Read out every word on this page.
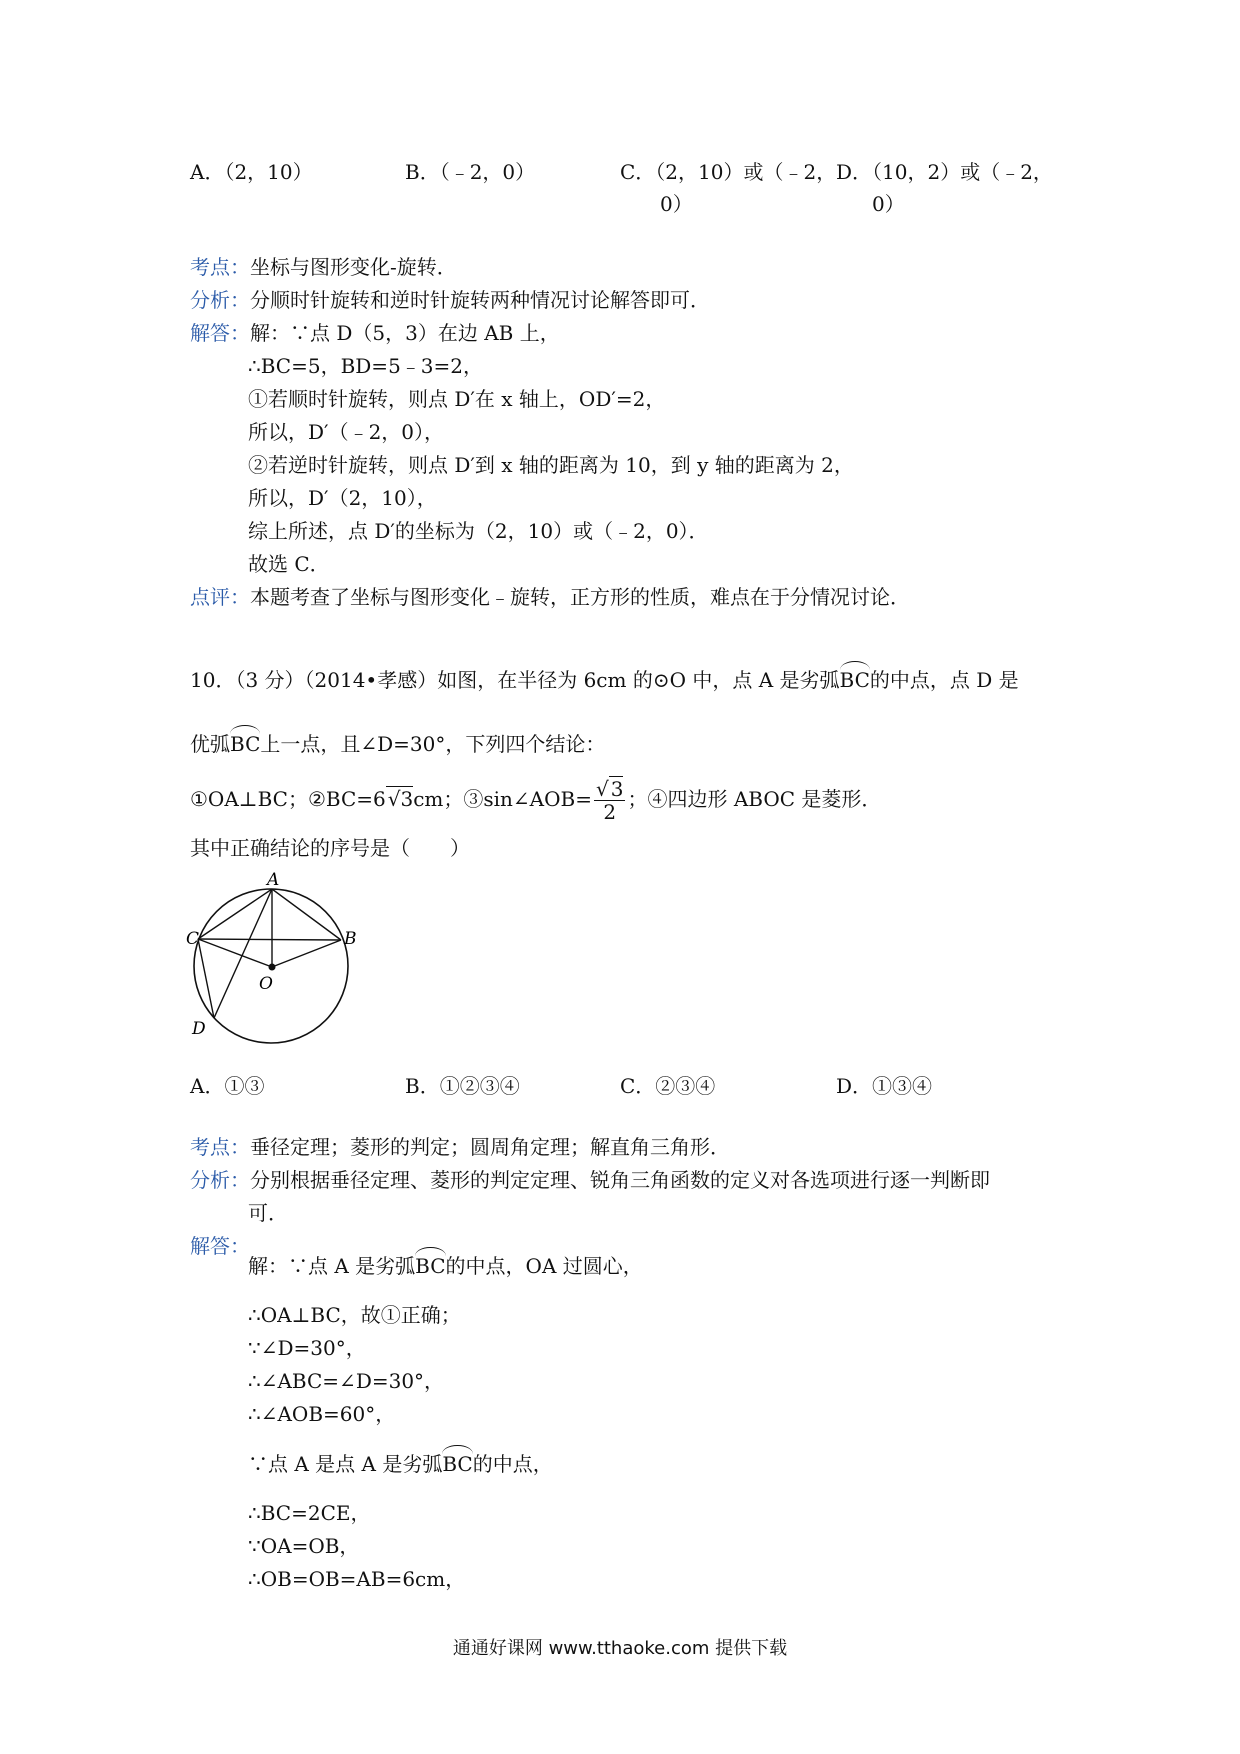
A．（2，10）	B．（﹣2，0）	C．（2，10）或（﹣2，
0）
D．（10，2）或（﹣2，
0）
考点：坐标与图形变化-旋转．
分析：分顺时针旋转和逆时针旋转两种情况讨论解答即可．
解答：解：∵点 D（5，3）在边 AB 上，
∴BC=5，BD=5﹣3=2，
①若顺时针旋转，则点 D′在 x 轴上，OD′=2，
所以，D′（﹣2，0），
②若逆时针旋转，则点 D′到 x 轴的距离为 10，到 y 轴的距离为 2，
所以，D′（2，10），
综上所述，点 D′的坐标为（2，10）或（﹣2，0）．
故选 C．
点评：本题考查了坐标与图形变化﹣旋转，正方形的性质，难点在于分情况讨论．
10．（3 分）（2014•孝感）如图，在半径为 6cm 的⊙O 中，点 A 是劣弧BC的中点，点 D 是
优弧BC上一点，且∠D=30°，下列四个结论：
①OA⊥BC；②BC=6 √3cm；③sin∠AOB= $\frac{√ 3}{2}$ ；④四边形 ABOC 是菱形．
其中正确结论的序号是（　　）
A
B
C
D
O
A．①③	B．①②③④	C．②③④	D．①③④
考点：垂径定理；菱形的判定；圆周角定理；解直角三角形．
分析：分别根据垂径定理、菱形的判定定理、锐角三角函数的定义对各选项进行逐一判断即
可．
解答：
解：∵点 A 是劣弧BC的中点，OA 过圆心，
∴OA⊥BC，故①正确；
∵∠D=30°，
∴∠ABC=∠D=30°，
∴∠AOB=60°，
∵点 A 是点 A 是劣弧BC的中点，
∴BC=2CE，
∵OA=OB，
∴OB=OB=AB=6cm，
通通好课网 www.tthaoke.com 提供下载
